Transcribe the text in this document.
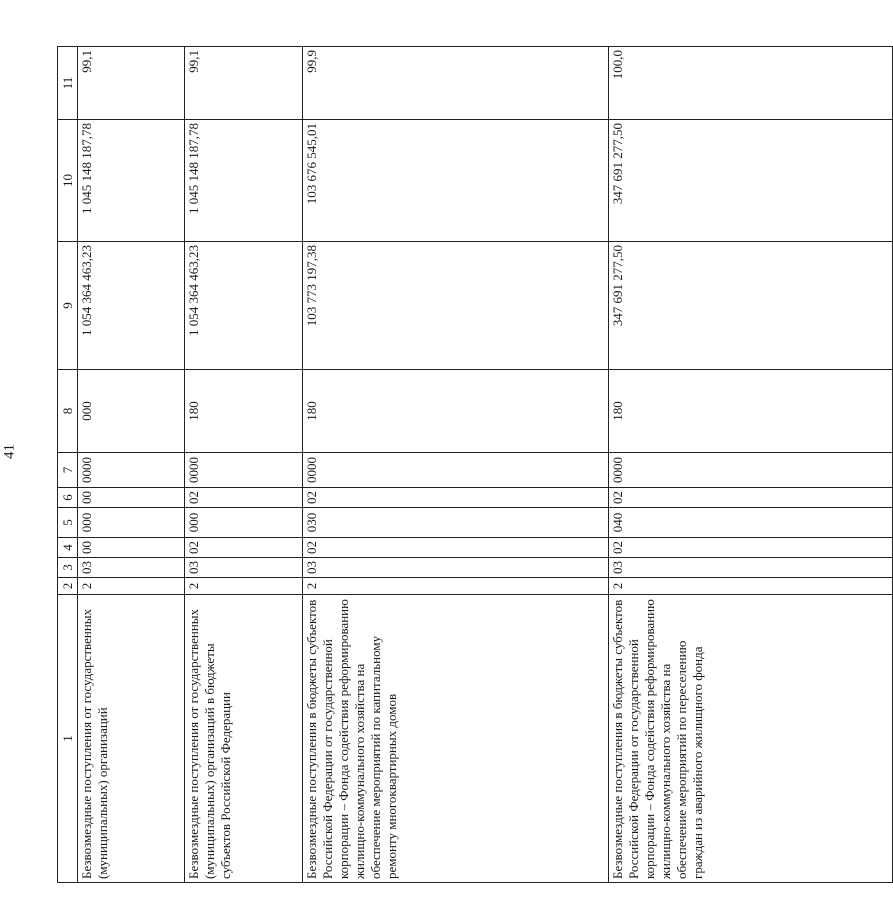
41
1	2	3	4	5	6	7	8	9	10	11
Безвозмездные поступления от государственных (муниципальных) организаций	2	03	00	000	00	0000	000	1 054 364 463,23	1 045 148 187,78	99,1
Безвозмездные поступления от государственных (муниципальных) организаций в бюджеты субъектов Российской Федерации	2	03	02	000	02	0000	180	1 054 364 463,23	1 045 148 187,78	99,1
Безвозмездные поступления в бюджеты субъектов Российской Федерации от государственной корпорации – Фонда содействия реформированию жилищно-коммунального хозяйства на обеспечение мероприятий по капитальному ремонту многоквартирных домов	2	03	02	030	02	0000	180	103 773 197,38	103 676 545,01	99,9
Безвозмездные поступления в бюджеты субъектов Российской Федерации от государственной корпорации – Фонда содействия реформированию жилищно-коммунального хозяйства на обеспечение мероприятий по переселению граждан из аварийного жилищного фонда	2	03	02	040	02	0000	180	347 691 277,50	347 691 277,50	100,0
